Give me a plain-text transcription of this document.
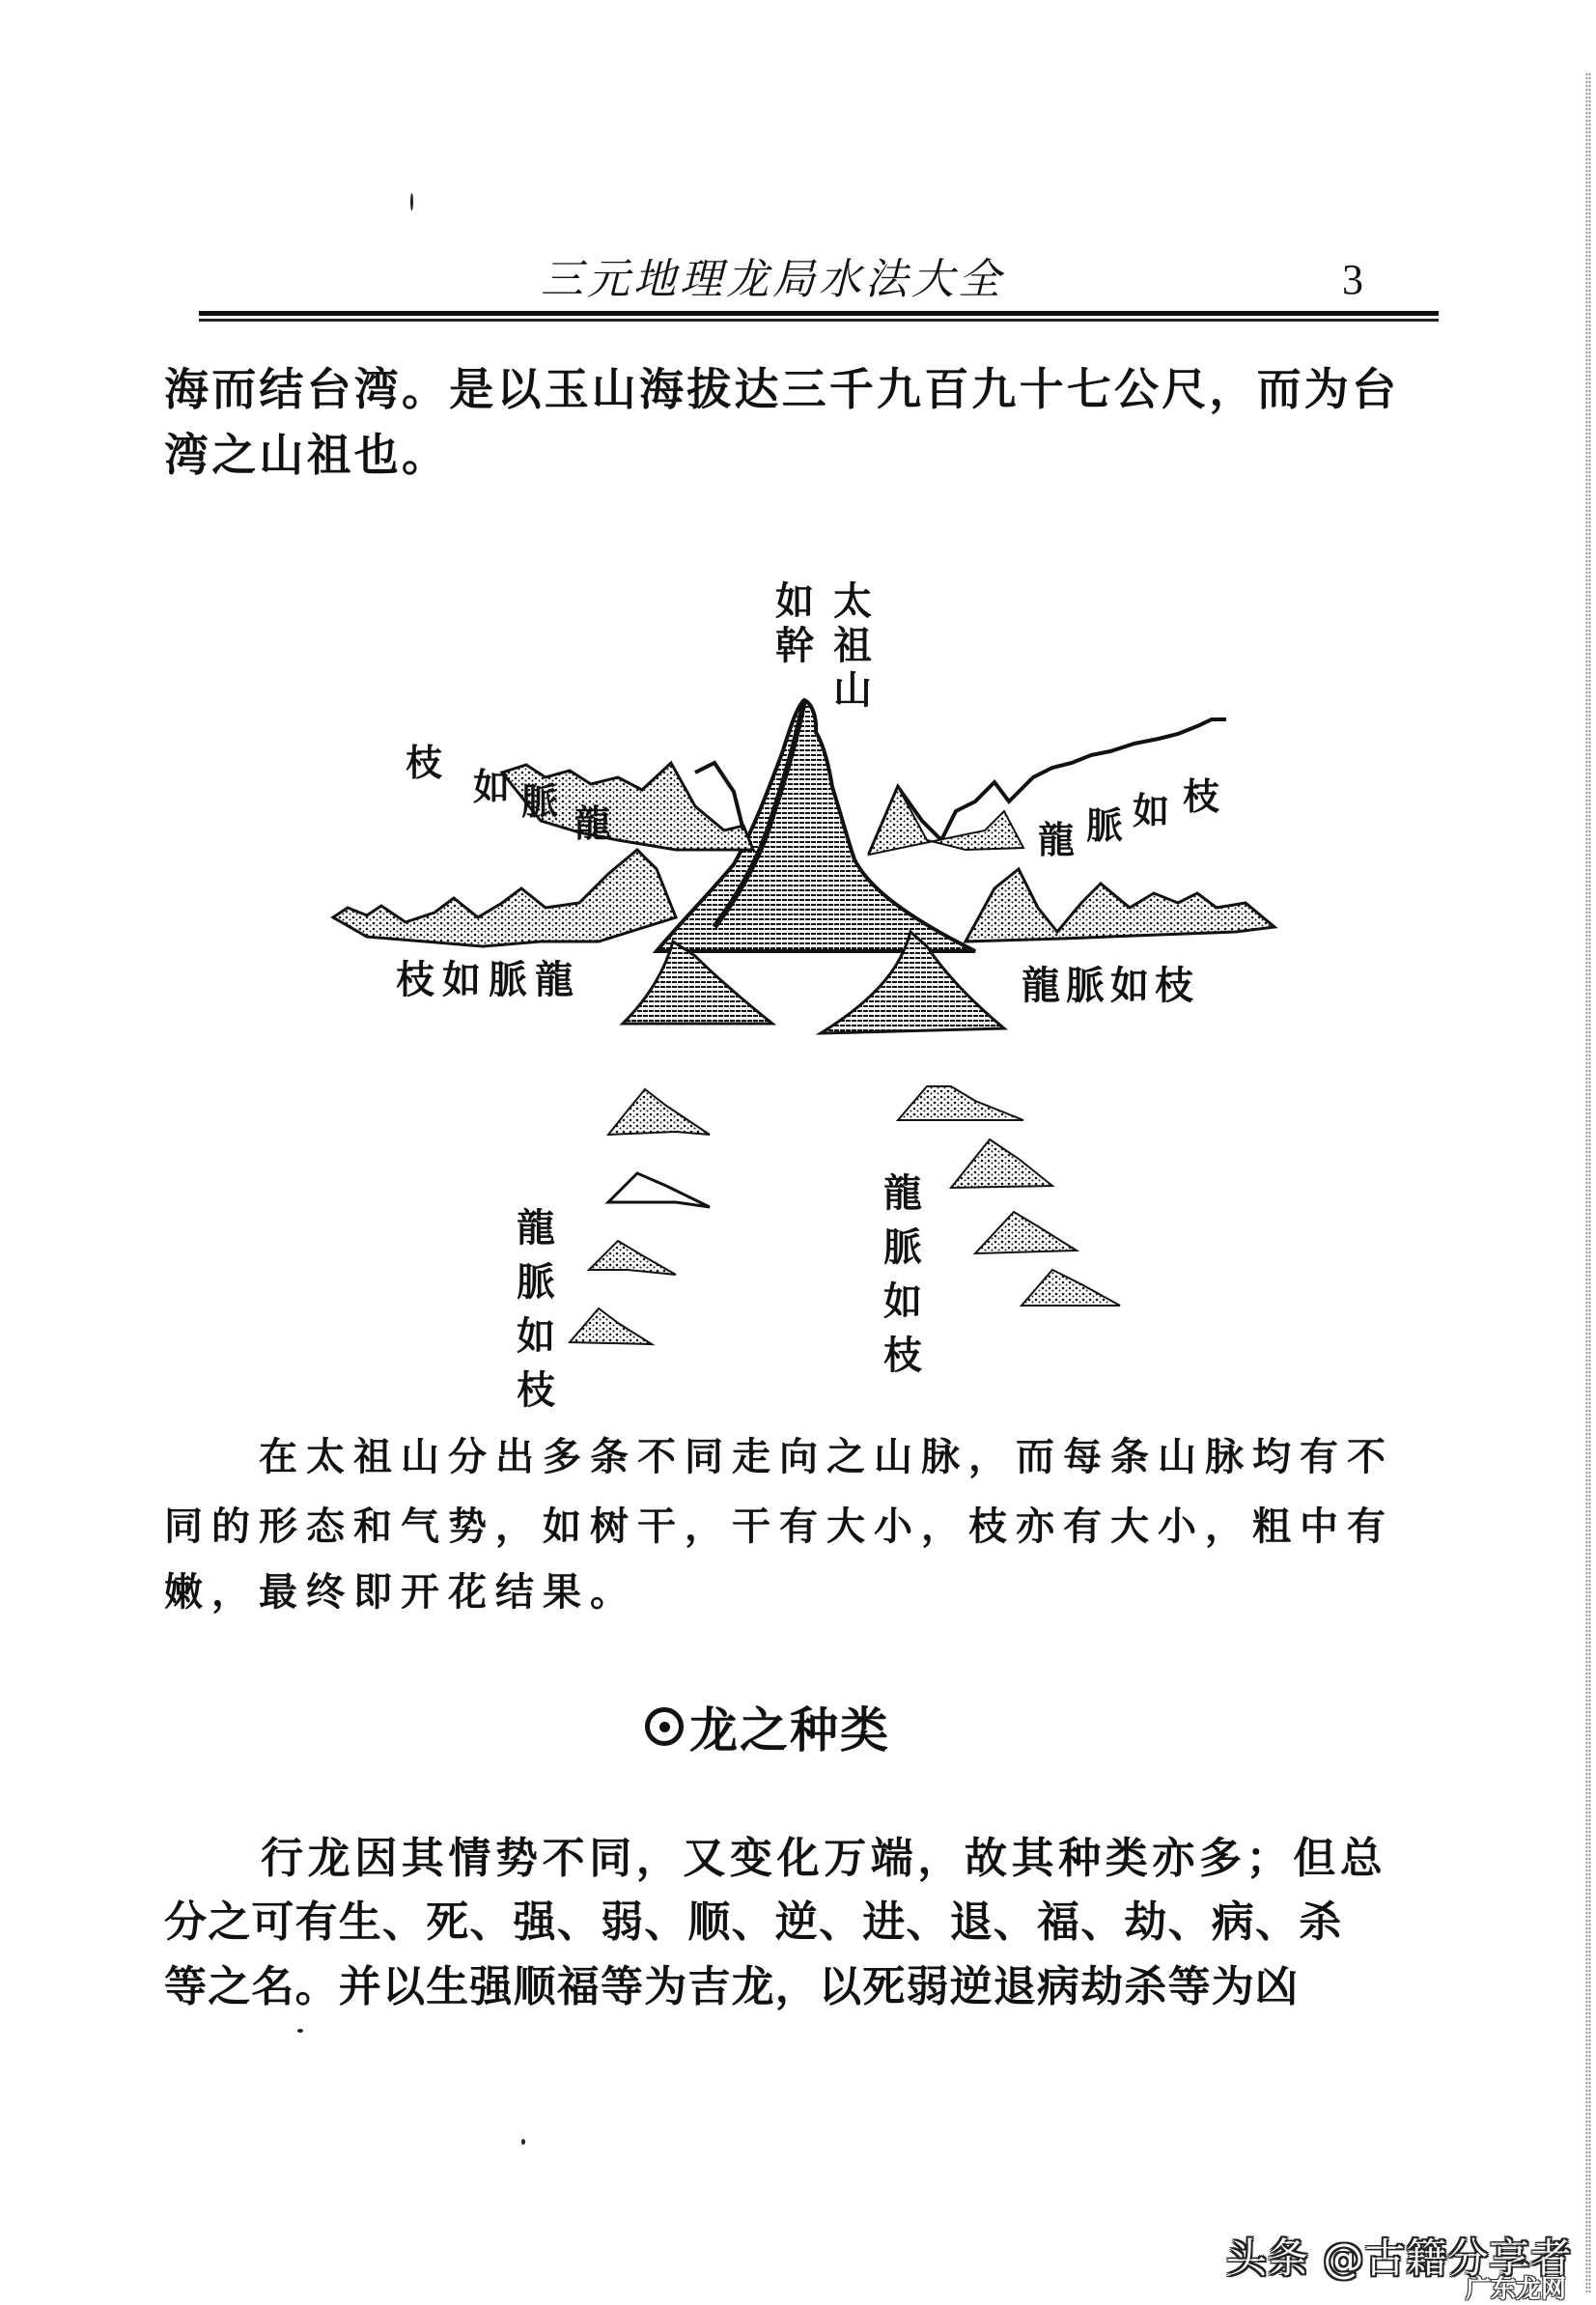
三元地理龙局水法大全	3
海而结台湾。是以玉山海拔达三千九百九十七公尺，而为台
湾之山祖也。
太祖山
如幹
枝
如 脈
龍	龍 脈 如 枝
枝如脈龍	龍脈如枝
龍脈如枝
龍脈如枝
在太祖山分出多条不同走向之山脉，而每条山脉均有不
同的形态和气势，如树干，干有大小，枝亦有大小，粗中有
嫩，最终即开花结果。
龙之种类
行龙因其情势不同，又变化万端，故其种类亦多；但总
分之可有生、死、强、弱、顺、逆、进、退、福、劫、病、杀
等之名。并以生强顺福等为吉龙，以死弱逆退病劫杀等为凶
头条 @古籍分享者
广东龙网
